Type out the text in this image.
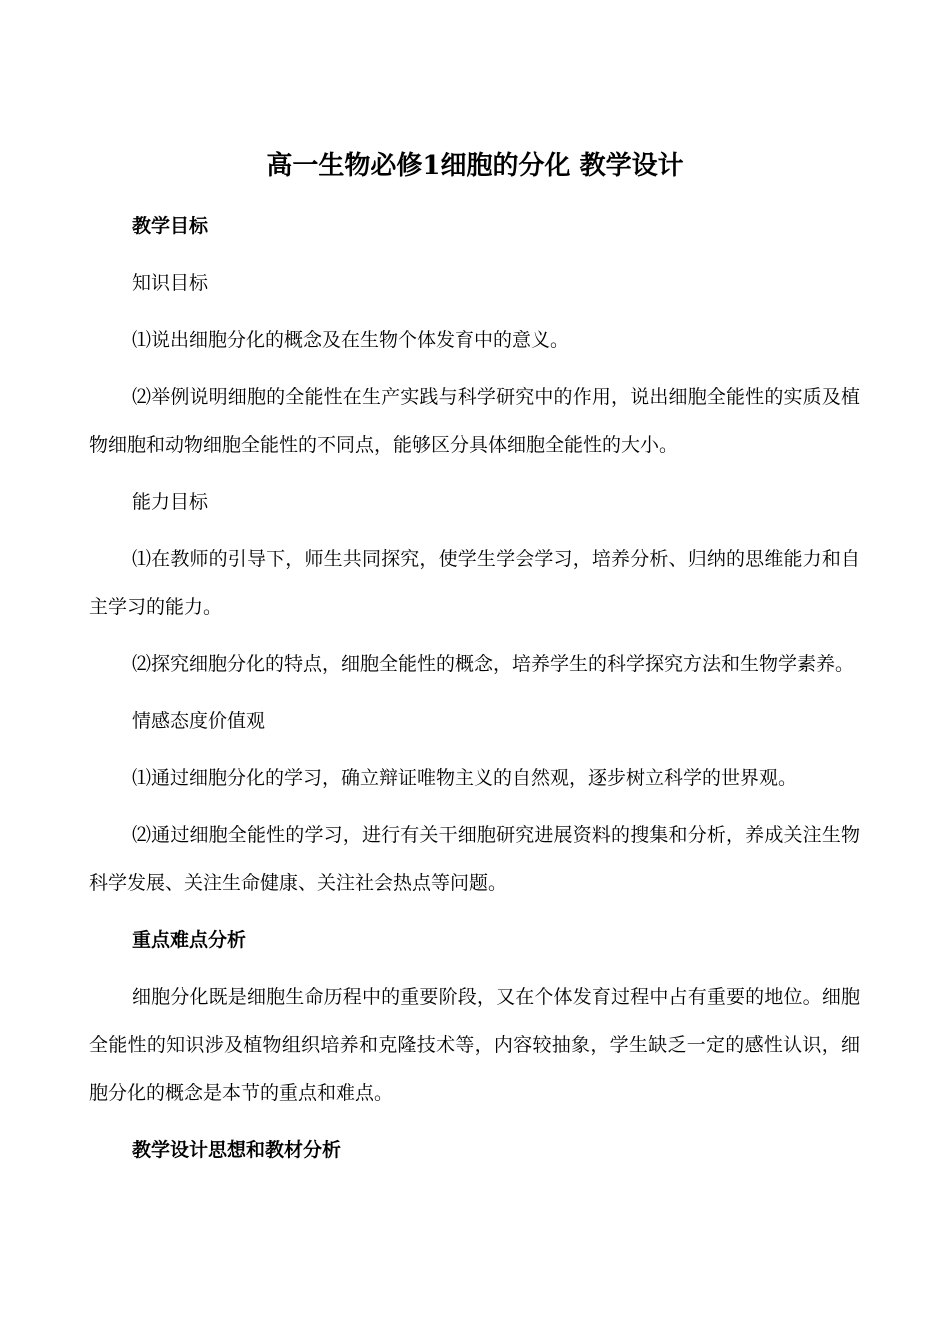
高一生物必修1细胞的分化 教学设计
教学目标
知识目标
⑴说出细胞分化的概念及在生物个体发育中的意义。
⑵举例说明细胞的全能性在生产实践与科学研究中的作用，说出细胞全能性的实质及植
物细胞和动物细胞全能性的不同点，能够区分具体细胞全能性的大小。
能力目标
⑴在教师的引导下，师生共同探究，使学生学会学习，培养分析、归纳的思维能力和自
主学习的能力。
⑵探究细胞分化的特点，细胞全能性的概念，培养学生的科学探究方法和生物学素养。
情感态度价值观
⑴通过细胞分化的学习，确立辩证唯物主义的自然观，逐步树立科学的世界观。
⑵通过细胞全能性的学习，进行有关干细胞研究进展资料的搜集和分析，养成关注生物
科学发展、关注生命健康、关注社会热点等问题。
重点难点分析
细胞分化既是细胞生命历程中的重要阶段，又在个体发育过程中占有重要的地位。细胞
全能性的知识涉及植物组织培养和克隆技术等，内容较抽象，学生缺乏一定的感性认识，细
胞分化的概念是本节的重点和难点。
教学设计思想和教材分析
